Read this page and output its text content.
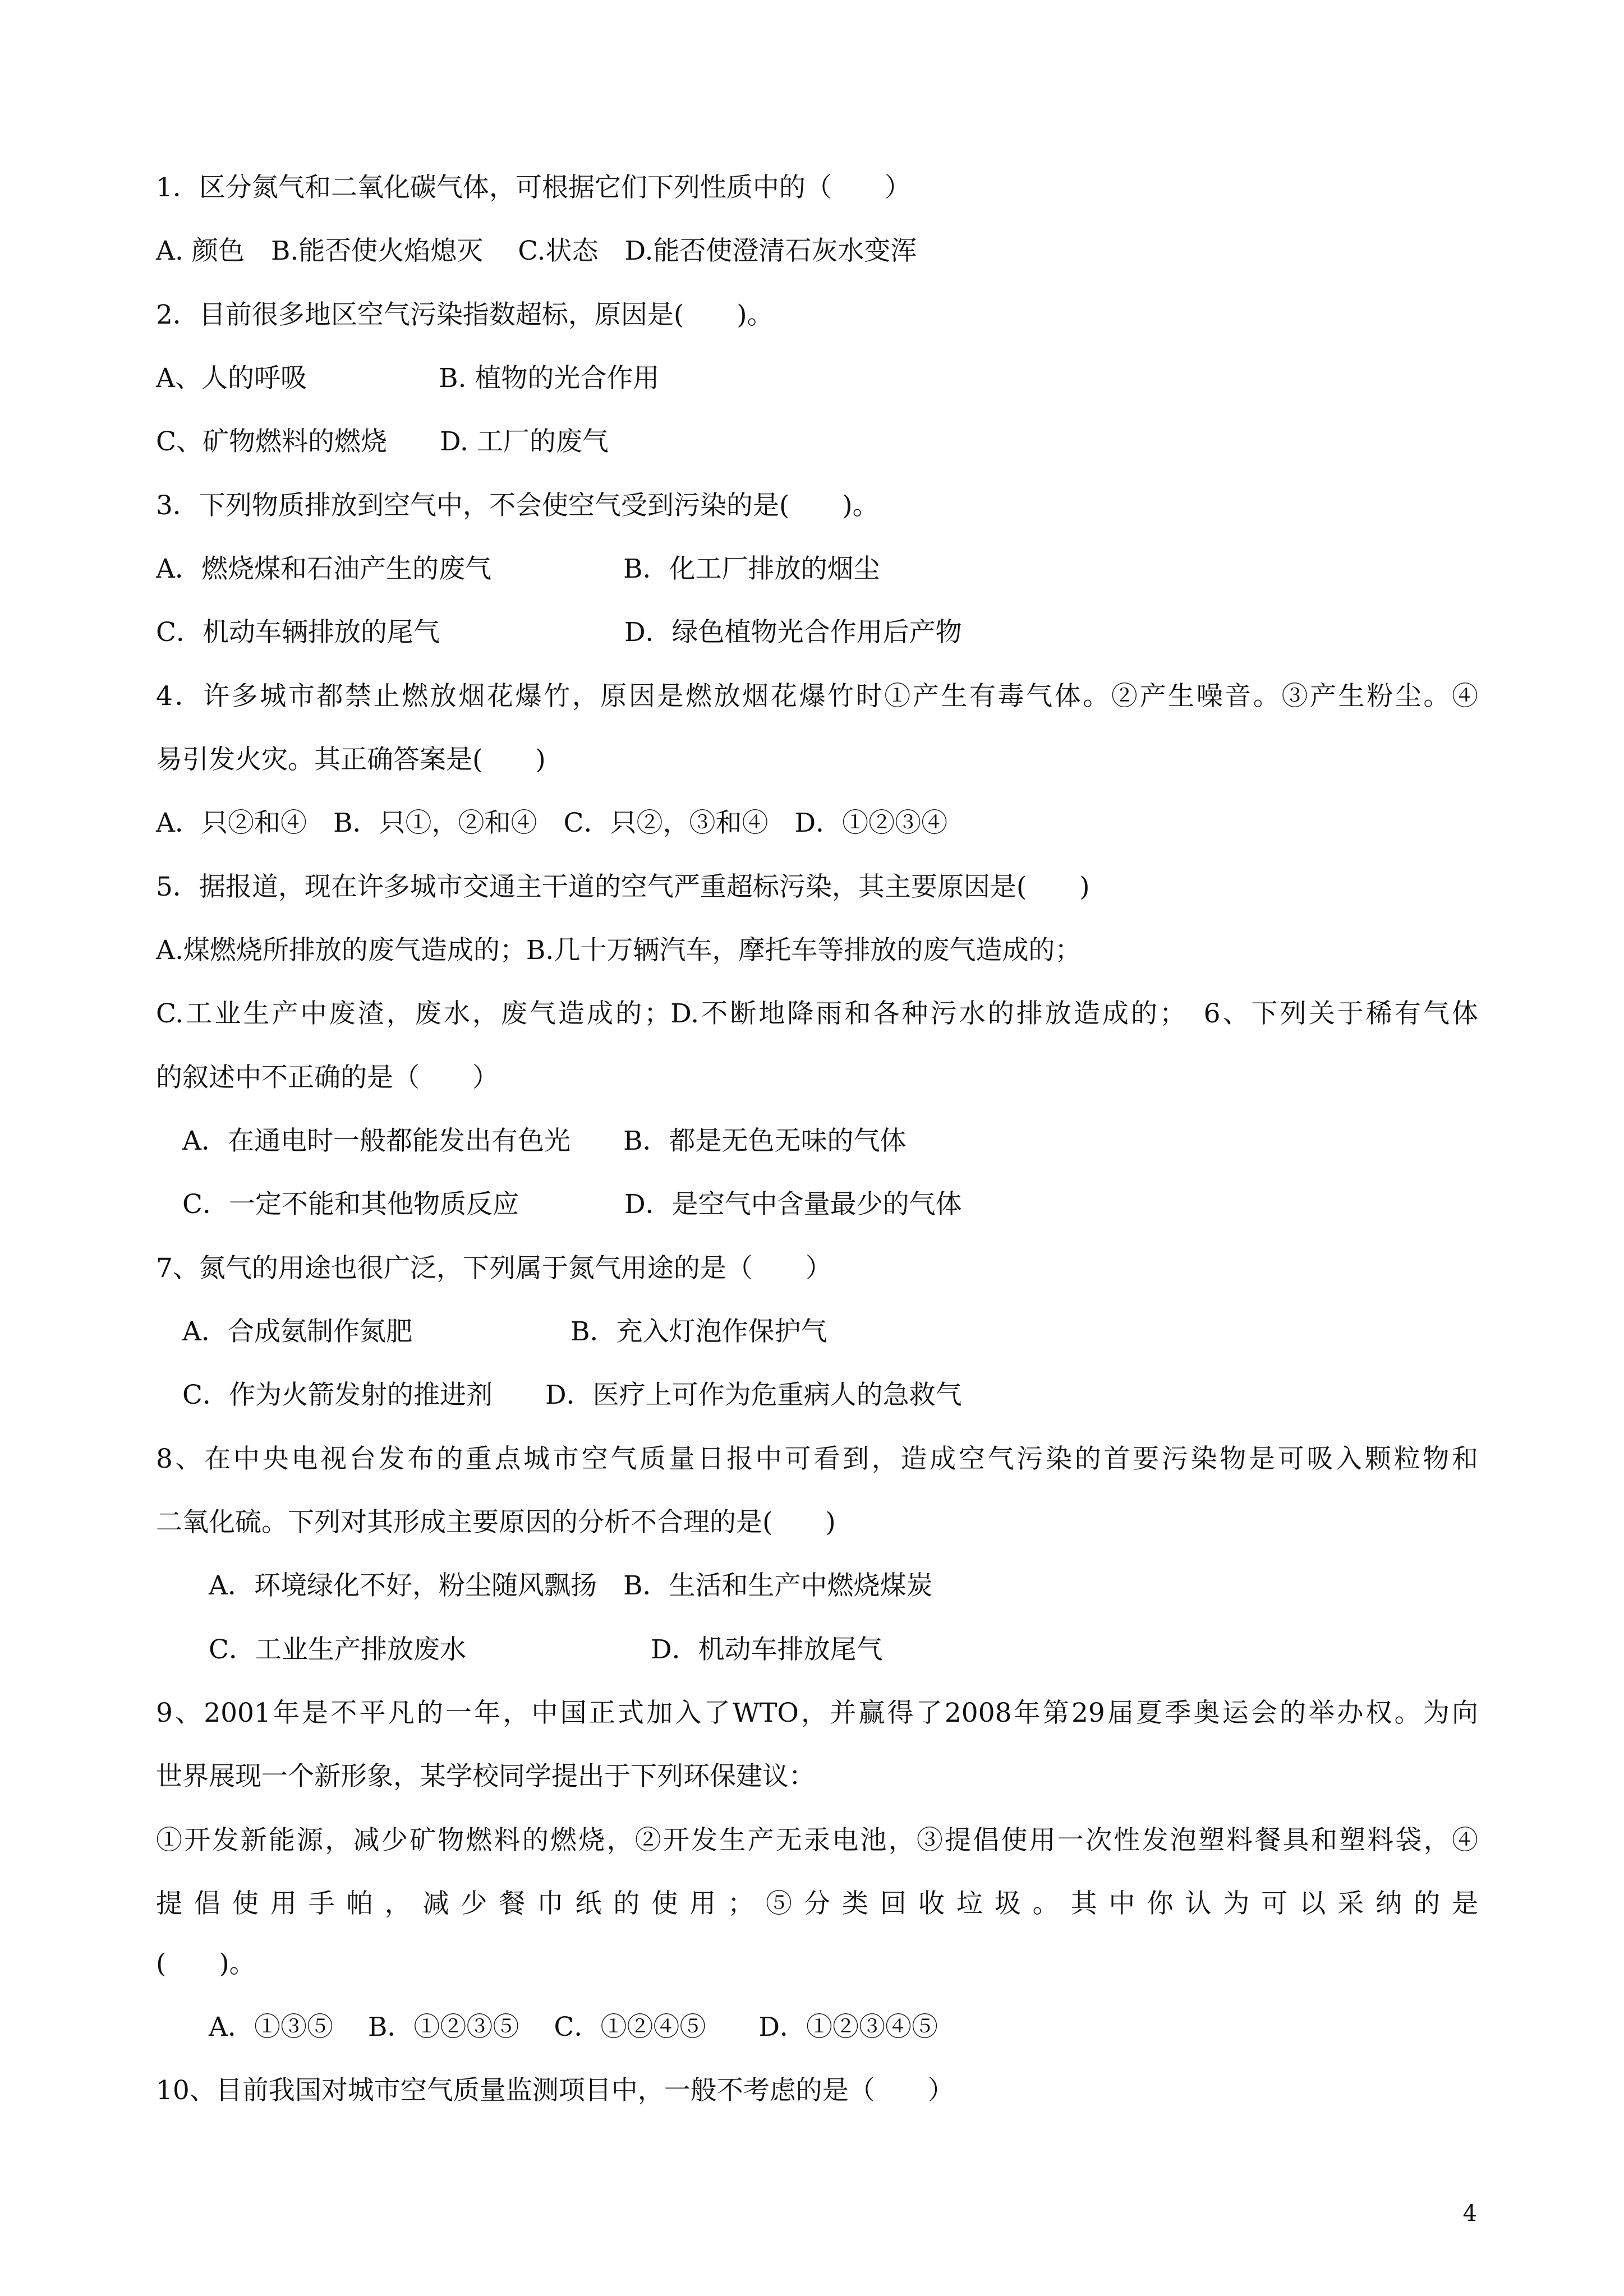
1．区分氮气和二氧化碳气体，可根据它们下列性质中的（　　）
A. 颜色　B.能否使火焰熄灭　 C.状态　D.能否使澄清石灰水变浑
2．目前很多地区空气污染指数超标，原因是(　　)。
A、人的呼吸　　　　　B. 植物的光合作用
C、矿物燃料的燃烧　　D. 工厂的废气
3．下列物质排放到空气中，不会使空气受到污染的是(　　)。
A．燃烧煤和石油产生的废气　　　　　B．化工厂排放的烟尘
C．机动车辆排放的尾气　　　　　　　D．绿色植物光合作用后产物
4．许多城市都禁止燃放烟花爆竹，原因是燃放烟花爆竹时①产生有毒气体。②产生噪音。③产生粉尘。④
易引发火灾。其正确答案是(　　)
A．只②和④　B．只①，②和④　C．只②，③和④　D．①②③④
5．据报道，现在许多城市交通主干道的空气严重超标污染，其主要原因是(　　)
A.煤燃烧所排放的废气造成的；B.几十万辆汽车，摩托车等排放的废气造成的；
C.工业生产中废渣，废水，废气造成的；D.不断地降雨和各种污水的排放造成的；　6、下列关于稀有气体
的叙述中不正确的是（　　）
　A．在通电时一般都能发出有色光　　B．都是无色无味的气体
　C．一定不能和其他物质反应　　　　D．是空气中含量最少的气体
7、氮气的用途也很广泛，下列属于氮气用途的是（　　）
　A．合成氨制作氮肥　　　　　　B．充入灯泡作保护气
　C．作为火箭发射的推进剂　　D．医疗上可作为危重病人的急救气
8、在中央电视台发布的重点城市空气质量日报中可看到，造成空气污染的首要污染物是可吸入颗粒物和
二氧化硫。下列对其形成主要原因的分析不合理的是(　　)
　　A．环境绿化不好，粉尘随风飘扬　B．生活和生产中燃烧煤炭
　　C．工业生产排放废水　　　　　　　D．机动车排放尾气
9、2001年是不平凡的一年，中国正式加入了WTO，并赢得了2008年第29届夏季奥运会的举办权。为向
世界展现一个新形象，某学校同学提出于下列环保建议：
①开发新能源，减少矿物燃料的燃烧，②开发生产无汞电池，③提倡使用一次性发泡塑料餐具和塑料袋，④
提倡使用手帕，减少餐巾纸的使用；⑤分类回收垃圾。其中你认为可以采纳的是
(　　)。
　　A．①③⑤　 B．①②③⑤　 C．①②④⑤　　D．①②③④⑤
10、目前我国对城市空气质量监测项目中，一般不考虑的是（　　）
4
